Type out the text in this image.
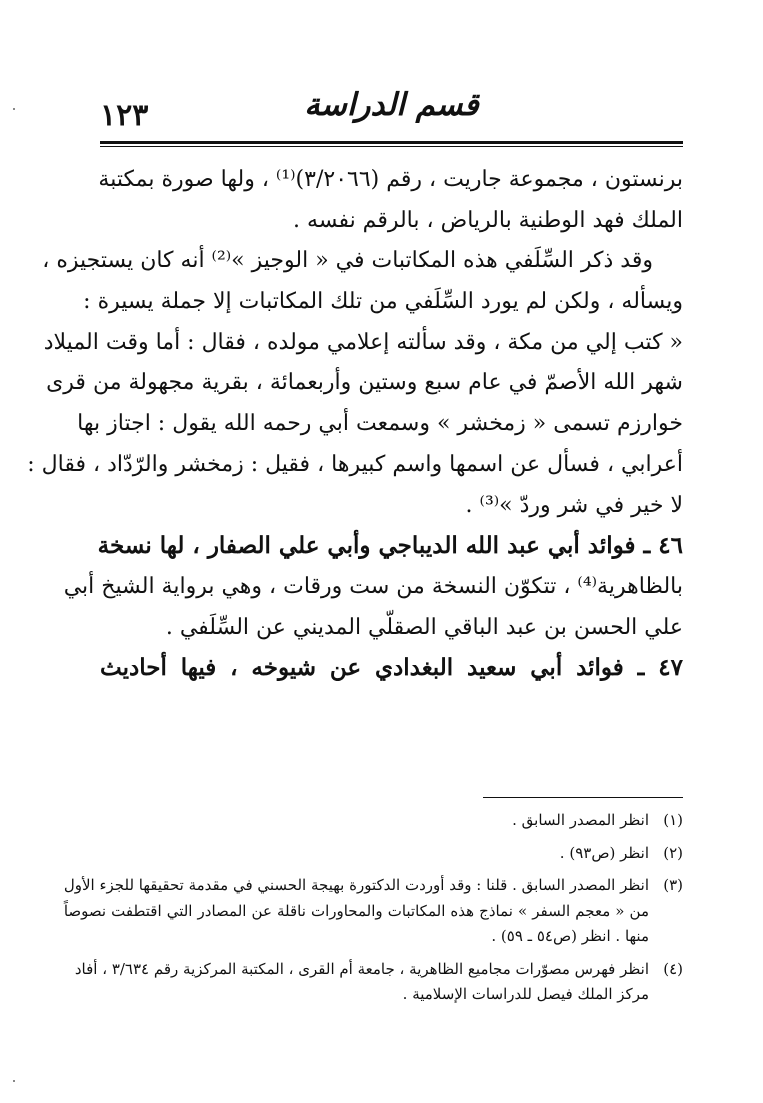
١٢٣	قسم الدراسة
برنستون ، مجموعة جاريت ، رقم (٣/٢٠٦٦)⁽¹⁾ ، ولها صورة بمكتبة
الملك فهد الوطنية بالرياض ، بالرقم نفسه .
وقد ذكر السِّلَفي هذه المكاتبات في « الوجيز »⁽²⁾ أنه كان يستجيزه ،
ويسأله ، ولكن لم يورد السِّلَفي من تلك المكاتبات إلا جملة يسيرة :
« كتب إلي من مكة ، وقد سألته إعلامي مولده ، فقال : أما وقت الميلاد
شهر الله الأصمّ في عام سبع وستين وأربعمائة ، بقرية مجهولة من قرى
خوارزم تسمى « زمخشر » وسمعت أبي رحمه الله يقول : اجتاز بها
أعرابي ، فسأل عن اسمها واسم كبيرها ، فقيل : زمخشر والرّدّاد ، فقال :
لا خير في شر وردّ »⁽³⁾ .
٤٦ ـ فوائد أبي عبد الله الديباجي وأبي علي الصفار ، لها نسخة
بالظاهرية⁽⁴⁾ ، تتكوّن النسخة من ست ورقات ، وهي برواية الشيخ أبي
علي الحسن بن عبد الباقي الصقلّي المديني عن السِّلَفي .
٤٧ ـ فوائد أبي سعيد البغدادي عن شيوخه ، فيها أحاديث
(١)
انظر المصدر السابق .
(٢)
انظر (ص٩٣) .
(٣)
انظر المصدر السابق . قلنا : وقد أوردت الدكتورة بهيجة الحسني في مقدمة تحقيقها للجزء الأول
من « معجم السفر » نماذج هذه المكاتبات والمحاورات ناقلة عن المصادر التي اقتطفت نصوصاً
منها . انظر (ص٥٤ ـ ٥٩) .
(٤)
انظر فهرس مصوّرات مجاميع الظاهرية ، جامعة أم القرى ، المكتبة المركزية رقم ٣/٦٣٤ ، أفاد
مركز الملك فيصل للدراسات الإسلامية .
